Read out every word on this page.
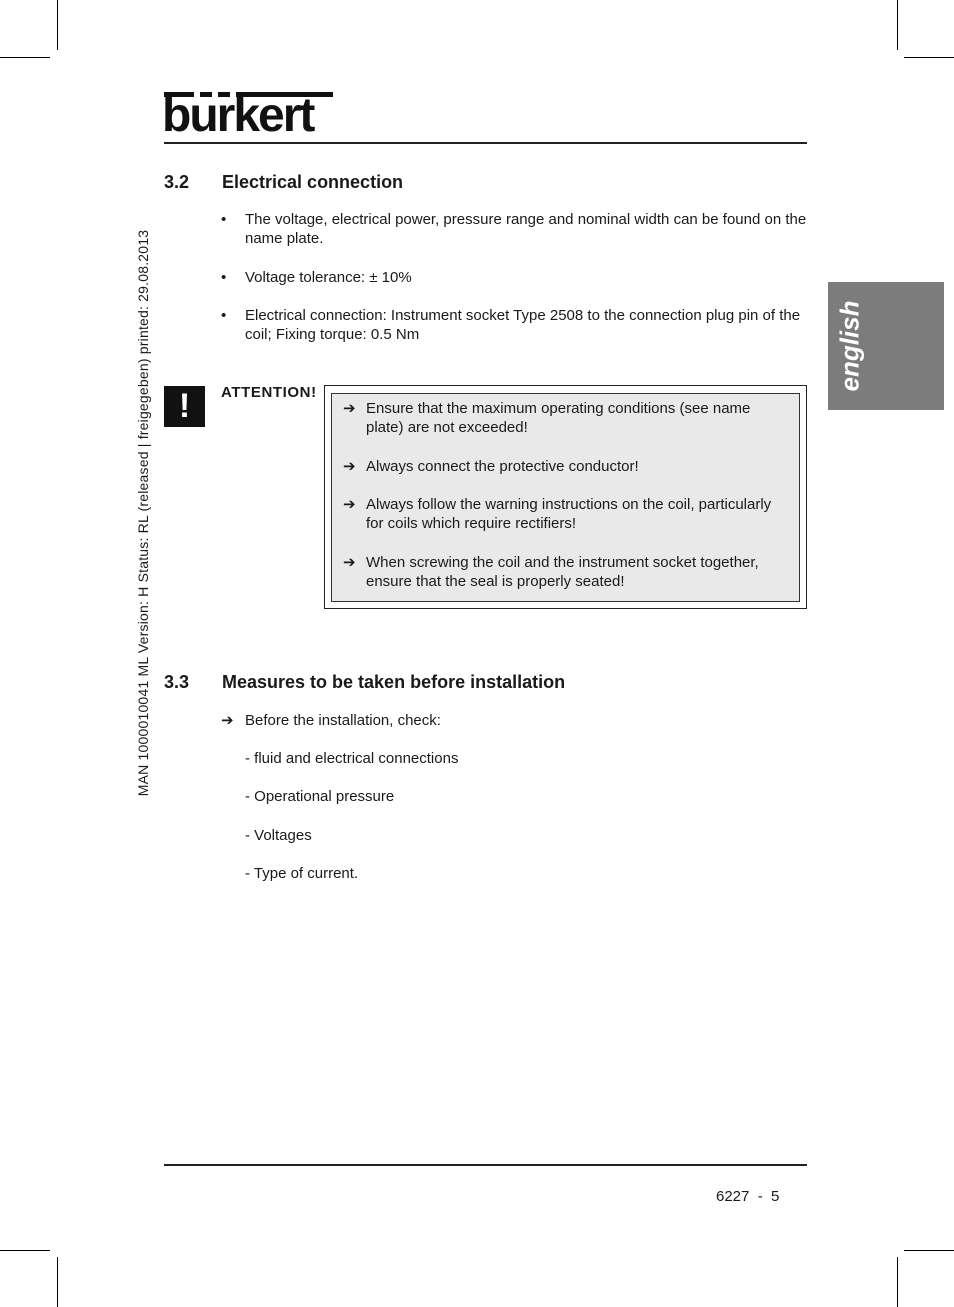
burkert
MAN 1000010041 ML Version: H Status: RL (released | freigegeben) printed: 29.08.2013	english
3.2 Electrical connection
• The voltage, electrical power, pressure range and nominal width can be found on the name plate.
• Voltage tolerance: ± 10%
• Electrical connection: Instrument socket Type 2508 to the connection plug pin of the coil; Fixing torque: 0.5 Nm
!	ATTENTION!
➔ Ensure that the maximum operating conditions (see name plate) are not exceeded!
➔ Always connect the protective conductor!
➔ Always follow the warning instructions on the coil, particularly for coils which require rectifiers!
➔ When screwing the coil and the instrument socket together, ensure that the seal is properly seated!
3.3 Measures to be taken before installation
➔ Before the installation, check:
- fluid and electrical connections
- Operational pressure
- Voltages
- Type of current.
6227  -  5
